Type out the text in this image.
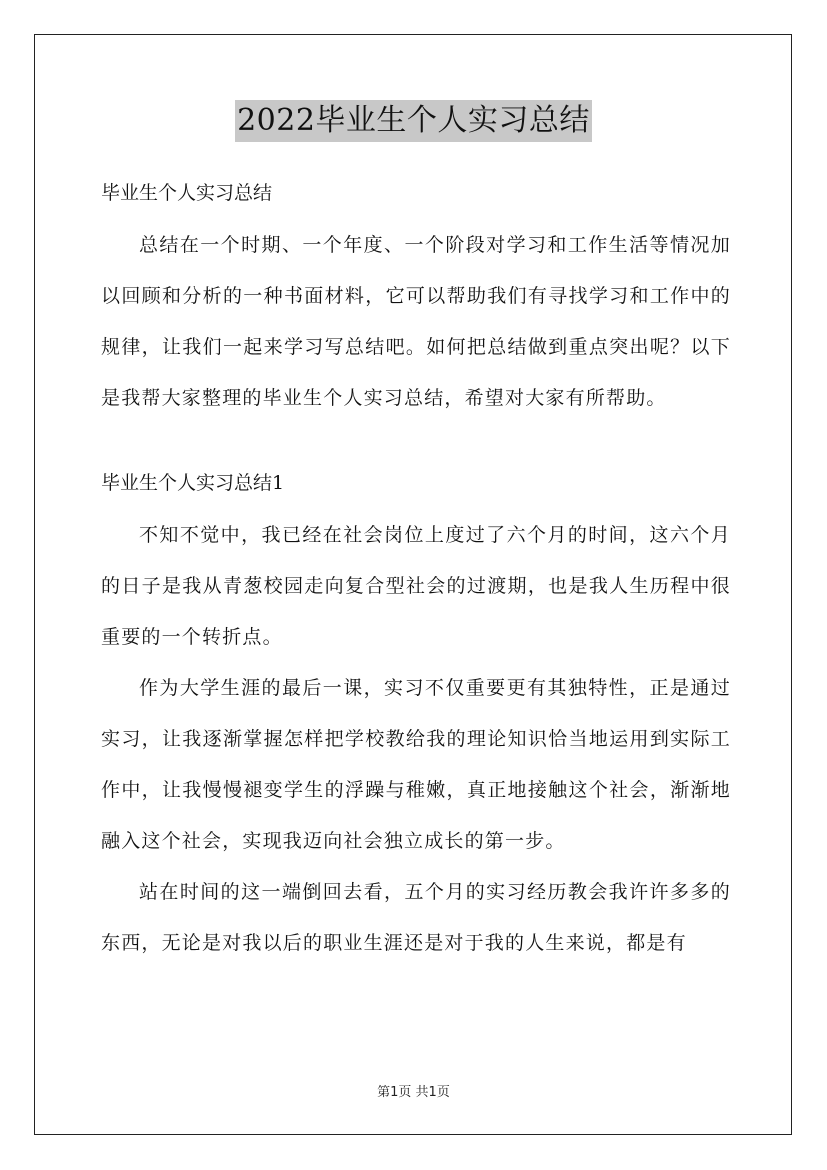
2022毕业生个人实习总结

毕业生个人实习总结

总结在一个时期、一个年度、一个阶段对学习和工作生活等情况加以回顾和分析的一种书面材料，它可以帮助我们有寻找学习和工作中的规律，让我们一起来学习写总结吧。如何把总结做到重点突出呢？以下是我帮大家整理的毕业生个人实习总结，希望对大家有所帮助。

毕业生个人实习总结1

不知不觉中，我已经在社会岗位上度过了六个月的时间，这六个月的日子是我从青葱校园走向复合型社会的过渡期，也是我人生历程中很重要的一个转折点。

作为大学生涯的最后一课，实习不仅重要更有其独特性，正是通过实习，让我逐渐掌握怎样把学校教给我的理论知识恰当地运用到实际工作中，让我慢慢褪变学生的浮躁与稚嫩，真正地接触这个社会，渐渐地融入这个社会，实现我迈向社会独立成长的第一步。

站在时间的这一端倒回去看，五个月的实习经历教会我许许多多的东西，无论是对我以后的职业生涯还是对于我的人生来说，都是有

第1页 共1页
